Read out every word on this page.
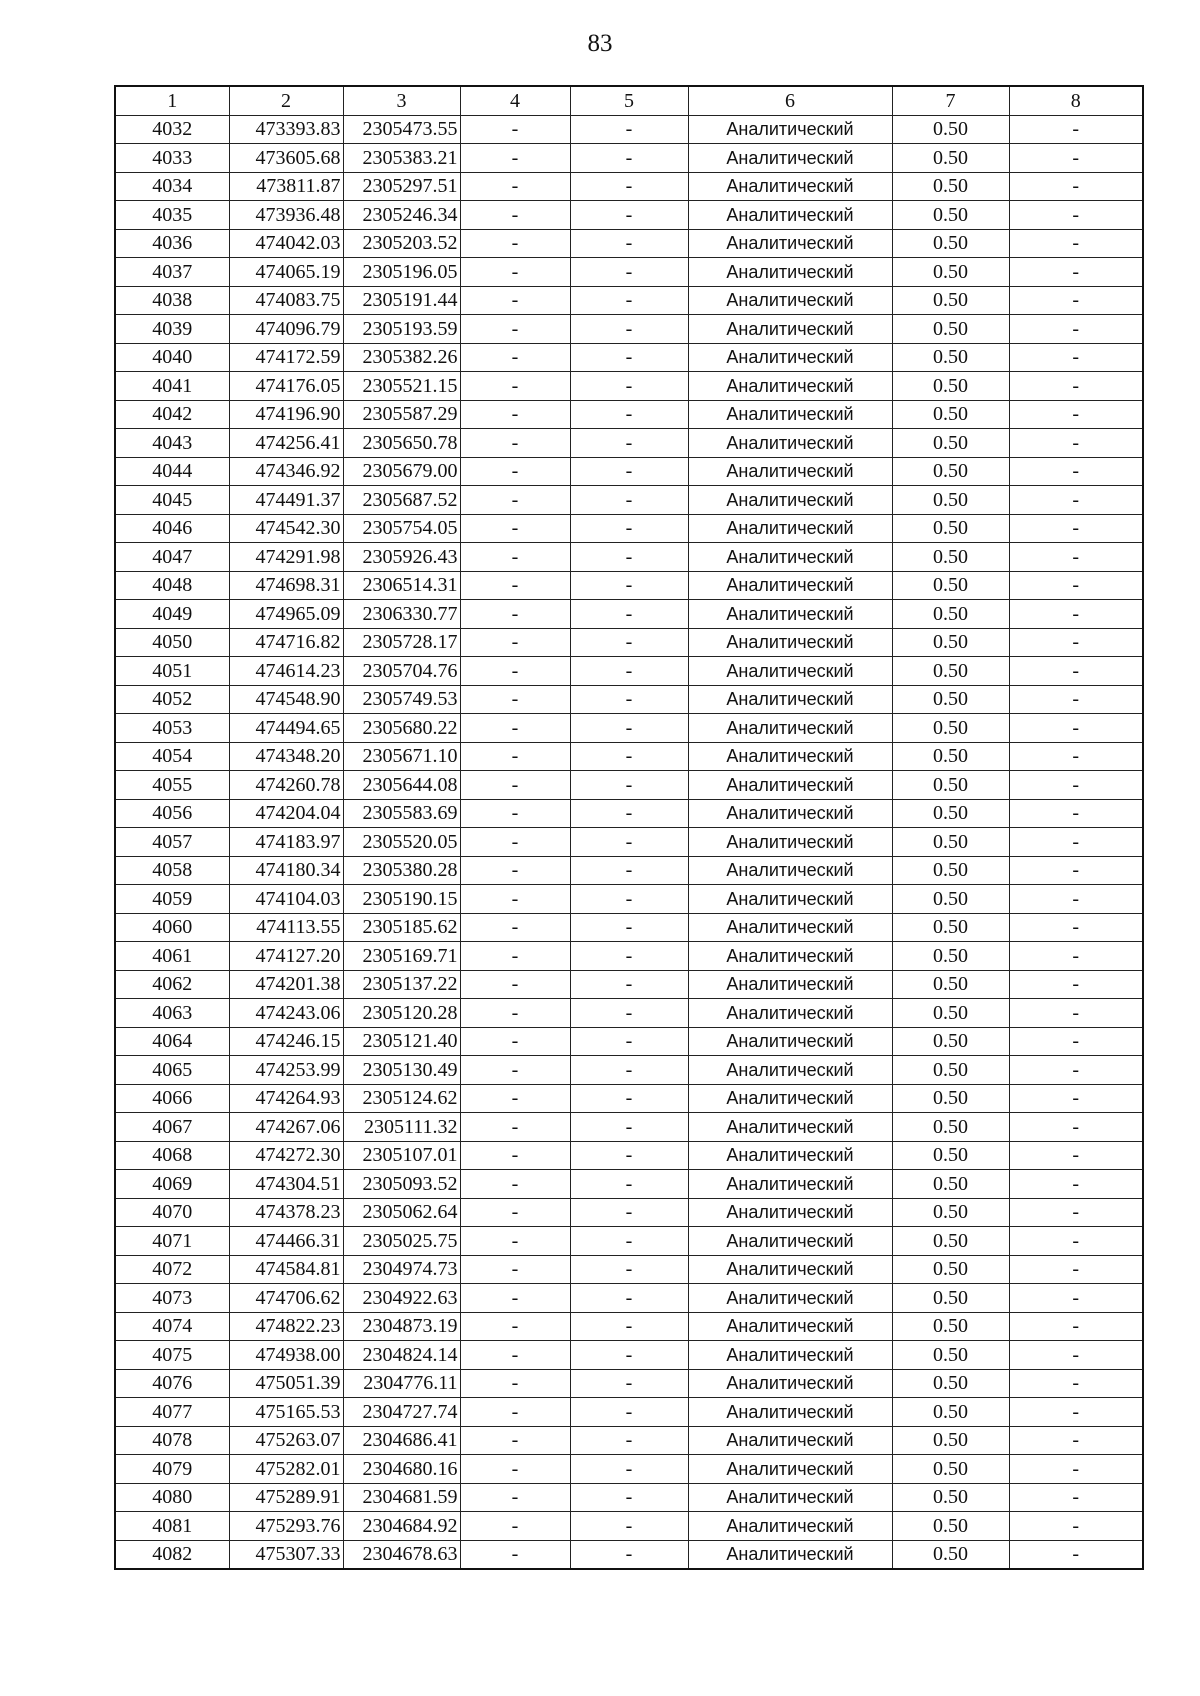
83
1	2	3	4	5	6	7	8
4032	473393.83	2305473.55	-	-	Аналитический	0.50	-
4033	473605.68	2305383.21	-	-	Аналитический	0.50	-
4034	473811.87	2305297.51	-	-	Аналитический	0.50	-
4035	473936.48	2305246.34	-	-	Аналитический	0.50	-
4036	474042.03	2305203.52	-	-	Аналитический	0.50	-
4037	474065.19	2305196.05	-	-	Аналитический	0.50	-
4038	474083.75	2305191.44	-	-	Аналитический	0.50	-
4039	474096.79	2305193.59	-	-	Аналитический	0.50	-
4040	474172.59	2305382.26	-	-	Аналитический	0.50	-
4041	474176.05	2305521.15	-	-	Аналитический	0.50	-
4042	474196.90	2305587.29	-	-	Аналитический	0.50	-
4043	474256.41	2305650.78	-	-	Аналитический	0.50	-
4044	474346.92	2305679.00	-	-	Аналитический	0.50	-
4045	474491.37	2305687.52	-	-	Аналитический	0.50	-
4046	474542.30	2305754.05	-	-	Аналитический	0.50	-
4047	474291.98	2305926.43	-	-	Аналитический	0.50	-
4048	474698.31	2306514.31	-	-	Аналитический	0.50	-
4049	474965.09	2306330.77	-	-	Аналитический	0.50	-
4050	474716.82	2305728.17	-	-	Аналитический	0.50	-
4051	474614.23	2305704.76	-	-	Аналитический	0.50	-
4052	474548.90	2305749.53	-	-	Аналитический	0.50	-
4053	474494.65	2305680.22	-	-	Аналитический	0.50	-
4054	474348.20	2305671.10	-	-	Аналитический	0.50	-
4055	474260.78	2305644.08	-	-	Аналитический	0.50	-
4056	474204.04	2305583.69	-	-	Аналитический	0.50	-
4057	474183.97	2305520.05	-	-	Аналитический	0.50	-
4058	474180.34	2305380.28	-	-	Аналитический	0.50	-
4059	474104.03	2305190.15	-	-	Аналитический	0.50	-
4060	474113.55	2305185.62	-	-	Аналитический	0.50	-
4061	474127.20	2305169.71	-	-	Аналитический	0.50	-
4062	474201.38	2305137.22	-	-	Аналитический	0.50	-
4063	474243.06	2305120.28	-	-	Аналитический	0.50	-
4064	474246.15	2305121.40	-	-	Аналитический	0.50	-
4065	474253.99	2305130.49	-	-	Аналитический	0.50	-
4066	474264.93	2305124.62	-	-	Аналитический	0.50	-
4067	474267.06	2305111.32	-	-	Аналитический	0.50	-
4068	474272.30	2305107.01	-	-	Аналитический	0.50	-
4069	474304.51	2305093.52	-	-	Аналитический	0.50	-
4070	474378.23	2305062.64	-	-	Аналитический	0.50	-
4071	474466.31	2305025.75	-	-	Аналитический	0.50	-
4072	474584.81	2304974.73	-	-	Аналитический	0.50	-
4073	474706.62	2304922.63	-	-	Аналитический	0.50	-
4074	474822.23	2304873.19	-	-	Аналитический	0.50	-
4075	474938.00	2304824.14	-	-	Аналитический	0.50	-
4076	475051.39	2304776.11	-	-	Аналитический	0.50	-
4077	475165.53	2304727.74	-	-	Аналитический	0.50	-
4078	475263.07	2304686.41	-	-	Аналитический	0.50	-
4079	475282.01	2304680.16	-	-	Аналитический	0.50	-
4080	475289.91	2304681.59	-	-	Аналитический	0.50	-
4081	475293.76	2304684.92	-	-	Аналитический	0.50	-
4082	475307.33	2304678.63	-	-	Аналитический	0.50	-
